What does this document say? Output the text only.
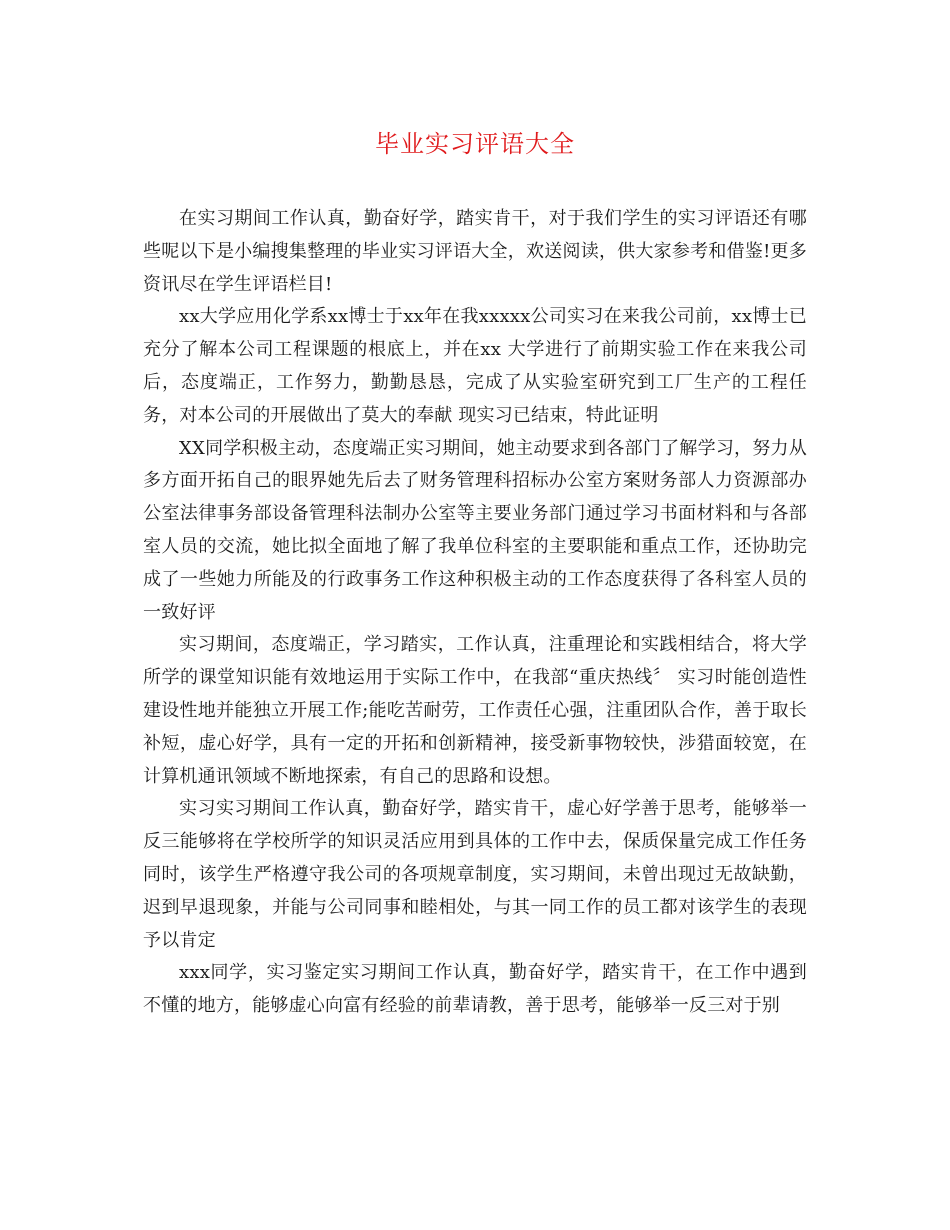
毕业实习评语大全

在实习期间工作认真，勤奋好学，踏实肯干，对于我们学生的实习评语还有哪些呢以下是小编搜集整理的毕业实习评语大全，欢送阅读，供大家参考和借鉴!更多资讯尽在学生评语栏目!

xx大学应用化学系xx博士于xx年在我xxxxx公司实习在来我公司前，xx博士已充分了解本公司工程课题的根底上，并在xx 大学进行了前期实验工作在来我公司后，态度端正，工作努力，勤勤恳恳，完成了从实验室研究到工厂生产的工程任务，对本公司的开展做出了莫大的奉献 现实习已结束，特此证明

XX同学积极主动，态度端正实习期间，她主动要求到各部门了解学习，努力从多方面开拓自己的眼界她先后去了财务管理科招标办公室方案财务部人力资源部办公室法律事务部设备管理科法制办公室等主要业务部门通过学习书面材料和与各部室人员的交流，她比拟全面地了解了我单位科室的主要职能和重点工作，还协助完成了一些她力所能及的行政事务工作这种积极主动的工作态度获得了各科室人员的一致好评

实习期间，态度端正，学习踏实，工作认真，注重理论和实践相结合，将大学所学的课堂知识能有效地运用于实际工作中，在我部“重庆热线〞 实习时能创造性建设性地并能独立开展工作;能吃苦耐劳，工作责任心强，注重团队合作，善于取长补短，虚心好学，具有一定的开拓和创新精神，接受新事物较快，涉猎面较宽，在计算机通讯领域不断地探索，有自己的思路和设想。

实习实习期间工作认真，勤奋好学，踏实肯干，虚心好学善于思考，能够举一反三能够将在学校所学的知识灵活应用到具体的工作中去，保质保量完成工作任务同时，该学生严格遵守我公司的各项规章制度，实习期间，未曾出现过无故缺勤，迟到早退现象，并能与公司同事和睦相处，与其一同工作的员工都对该学生的表现予以肯定

xxx同学，实习鉴定实习期间工作认真，勤奋好学，踏实肯干，在工作中遇到不懂的地方，能够虚心向富有经验的前辈请教，善于思考，能够举一反三对于别
